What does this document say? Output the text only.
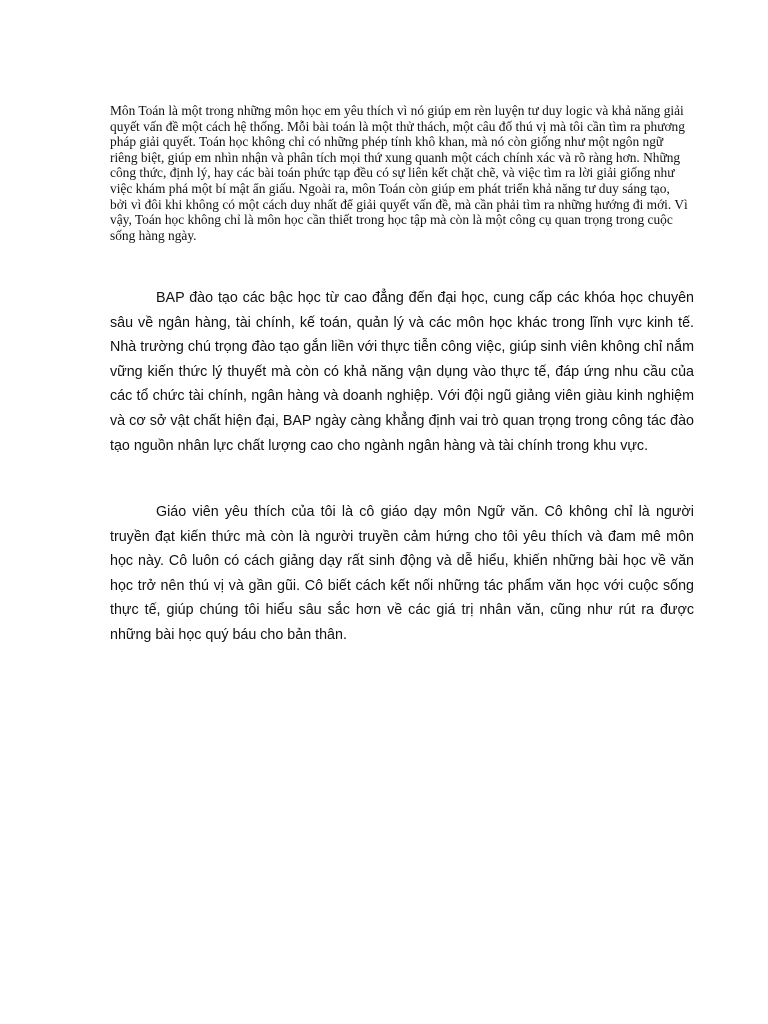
Môn Toán là một trong những môn học em yêu thích vì nó giúp em rèn luyện tư duy logic và khả năng giải quyết vấn đề một cách hệ thống. Mỗi bài toán là một thử thách, một câu đố thú vị mà tôi cần tìm ra phương pháp giải quyết. Toán học không chỉ có những phép tính khô khan, mà nó còn giống như một ngôn ngữ riêng biệt, giúp em nhìn nhận và phân tích mọi thứ xung quanh một cách chính xác và rõ ràng hơn. Những công thức, định lý, hay các bài toán phức tạp đều có sự liên kết chặt chẽ, và việc tìm ra lời giải giống như việc khám phá một bí mật ẩn giấu. Ngoài ra, môn Toán còn giúp em phát triển khả năng tư duy sáng tạo, bởi vì đôi khi không có một cách duy nhất để giải quyết vấn đề, mà cần phải tìm ra những hướng đi mới. Vì vậy, Toán học không chỉ là môn học cần thiết trong học tập mà còn là một công cụ quan trọng trong cuộc sống hàng ngày.

BAP đào tạo các bậc học từ cao đẳng đến đại học, cung cấp các khóa học chuyên sâu về ngân hàng, tài chính, kế toán, quản lý và các môn học khác trong lĩnh vực kinh tế. Nhà trường chú trọng đào tạo gắn liền với thực tiễn công việc, giúp sinh viên không chỉ nắm vững kiến thức lý thuyết mà còn có khả năng vận dụng vào thực tế, đáp ứng nhu cầu của các tổ chức tài chính, ngân hàng và doanh nghiệp. Với đội ngũ giảng viên giàu kinh nghiệm và cơ sở vật chất hiện đại, BAP ngày càng khẳng định vai trò quan trọng trong công tác đào tạo nguồn nhân lực chất lượng cao cho ngành ngân hàng và tài chính trong khu vực.

Giáo viên yêu thích của tôi là cô giáo dạy môn Ngữ văn. Cô không chỉ là người truyền đạt kiến thức mà còn là người truyền cảm hứng cho tôi yêu thích và đam mê môn học này. Cô luôn có cách giảng dạy rất sinh động và dễ hiểu, khiến những bài học về văn học trở nên thú vị và gần gũi. Cô biết cách kết nối những tác phẩm văn học với cuộc sống thực tế, giúp chúng tôi hiểu sâu sắc hơn về các giá trị nhân văn, cũng như rút ra được những bài học quý báu cho bản thân.
